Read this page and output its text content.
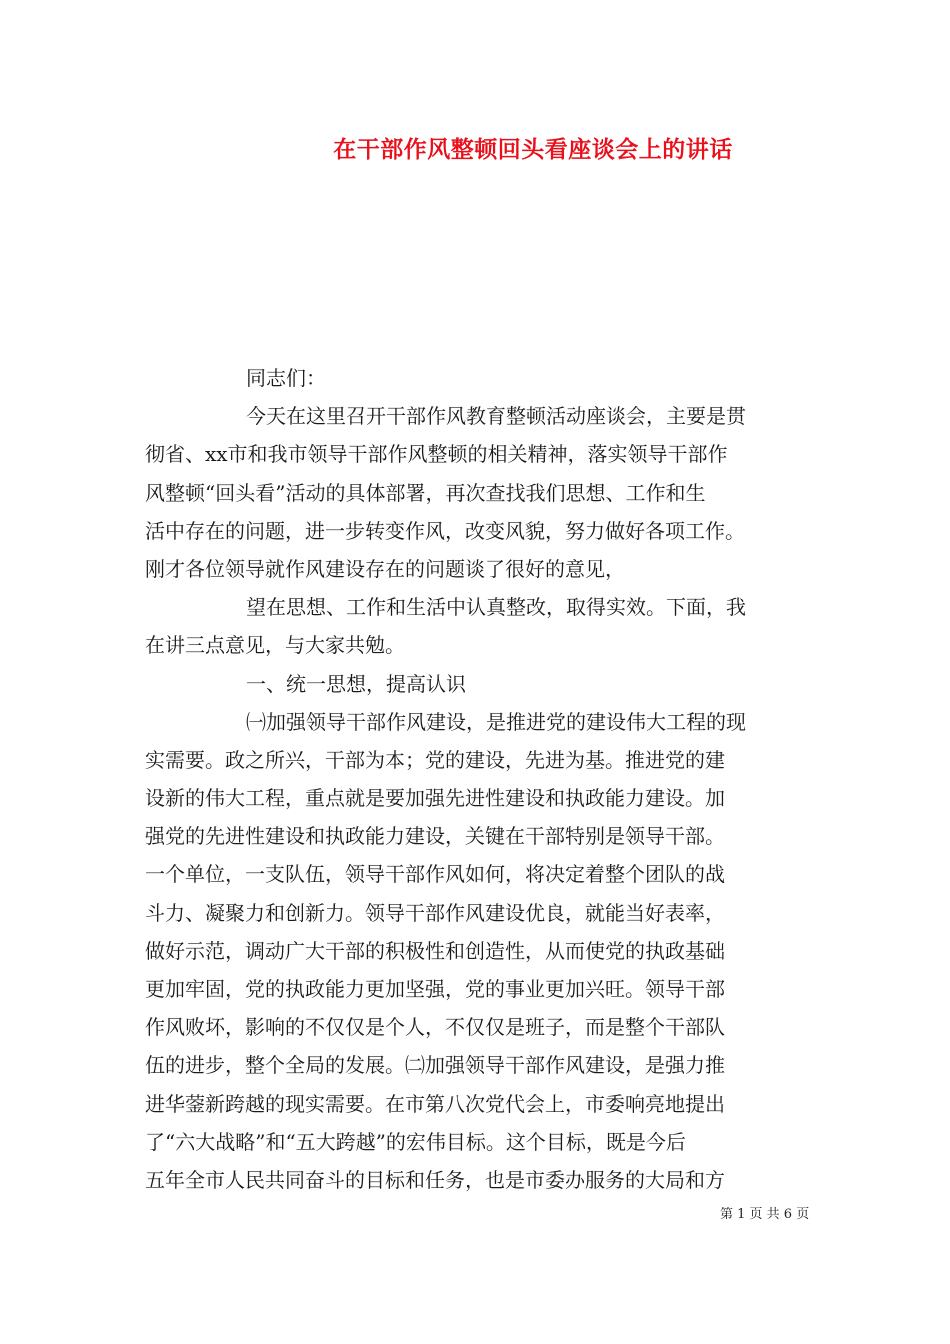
在干部作风整顿回头看座谈会上的讲话
同志们：
今天在这里召开干部作风教育整顿活动座谈会，主要是贯
彻省、xx市和我市领导干部作风整顿的相关精神，落实领导干部作
风整顿“回头看”活动的具体部署，再次查找我们思想、工作和生
活中存在的问题，进一步转变作风，改变风貌，努力做好各项工作。
刚才各位领导就作风建设存在的问题谈了很好的意见，
望在思想、工作和生活中认真整改，取得实效。下面，我
在讲三点意见，与大家共勉。
一、统一思想，提高认识
㈠加强领导干部作风建设，是推进党的建设伟大工程的现
实需要。政之所兴，干部为本；党的建设，先进为基。推进党的建
设新的伟大工程，重点就是要加强先进性建设和执政能力建设。加
强党的先进性建设和执政能力建设，关键在干部特别是领导干部。
一个单位，一支队伍，领导干部作风如何，将决定着整个团队的战
斗力、凝聚力和创新力。领导干部作风建设优良，就能当好表率，
做好示范，调动广大干部的积极性和创造性，从而使党的执政基础
更加牢固，党的执政能力更加坚强，党的事业更加兴旺。领导干部
作风败坏，影响的不仅仅是个人，不仅仅是班子，而是整个干部队
伍的进步，整个全局的发展。㈡加强领导干部作风建设，是强力推
进华蓥新跨越的现实需要。在市第八次党代会上，市委响亮地提出
了“六大战略”和“五大跨越”的宏伟目标。这个目标，既是今后
五年全市人民共同奋斗的目标和任务，也是市委办服务的大局和方
第 1 页 共 6 页
